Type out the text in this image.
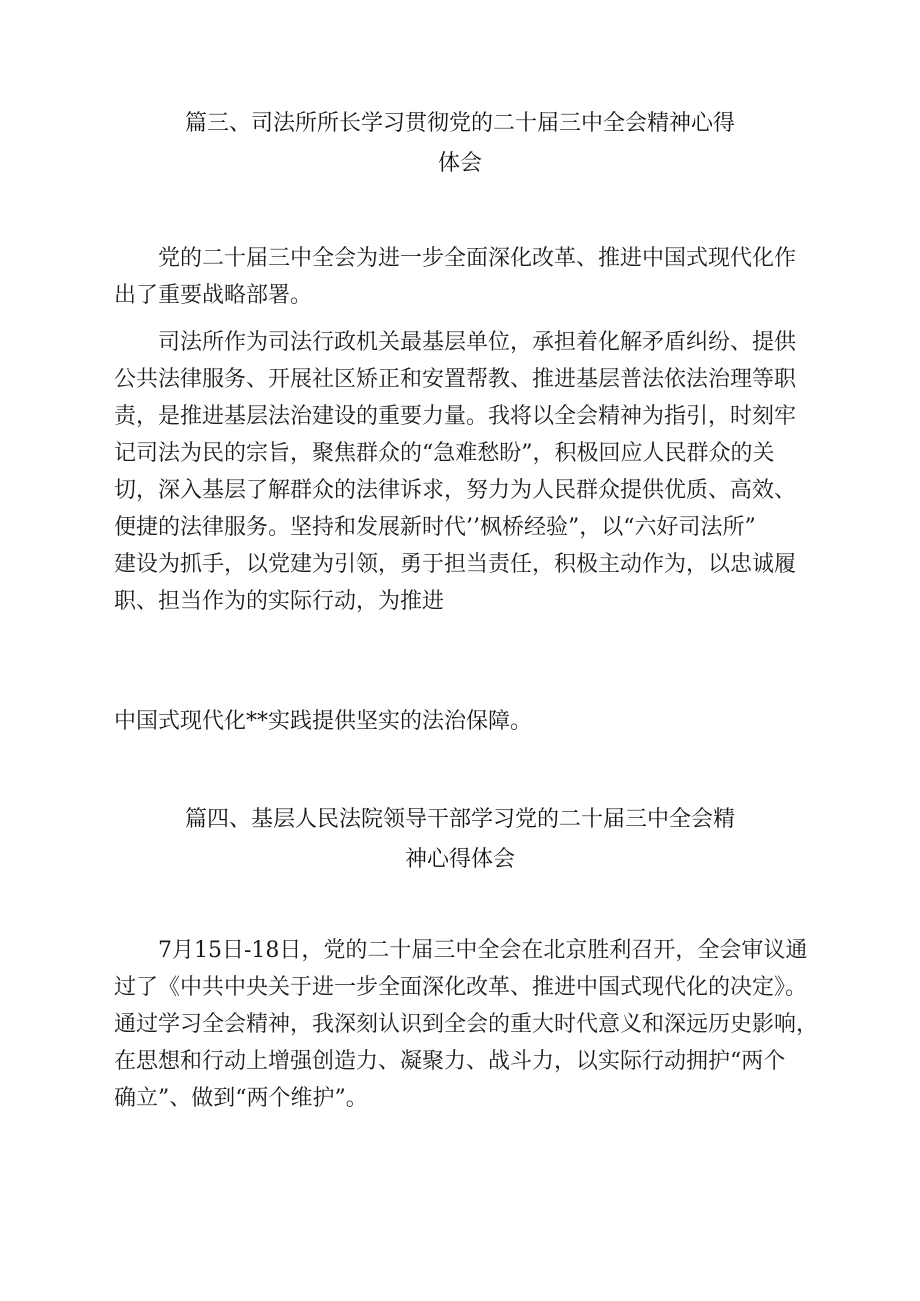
篇三、司法所所长学习贯彻党的二十届三中全会精神心得
体会
党的二十届三中全会为进一步全面深化改革、推进中国式现代化作
出了重要战略部署。
司法所作为司法行政机关最基层单位，承担着化解矛盾纠纷、提供
公共法律服务、开展社区矫正和安置帮教、推进基层普法依法治理等职
责，是推进基层法治建设的重要力量。我将以全会精神为指引，时刻牢
记司法为民的宗旨，聚焦群众的“急难愁盼”，积极回应人民群众的关
切，深入基层了解群众的法律诉求，努力为人民群众提供优质、高效、
便捷的法律服务。坚持和发展新时代’’枫桥经验”，以“六好司法所”
建设为抓手，以党建为引领，勇于担当责任，积极主动作为，以忠诚履
职、担当作为的实际行动，为推进
中国式现代化**实践提供坚实的法治保障。
篇四、基层人民法院领导干部学习党的二十届三中全会精
神心得体会
7月15日-18日，党的二十届三中全会在北京胜利召开，全会审议通
过了《中共中央关于进一步全面深化改革、推进中国式现代化的决定》。
通过学习全会精神，我深刻认识到全会的重大时代意义和深远历史影响，
在思想和行动上增强创造力、凝聚力、战斗力，以实际行动拥护“两个
确立”、做到“两个维护”。
